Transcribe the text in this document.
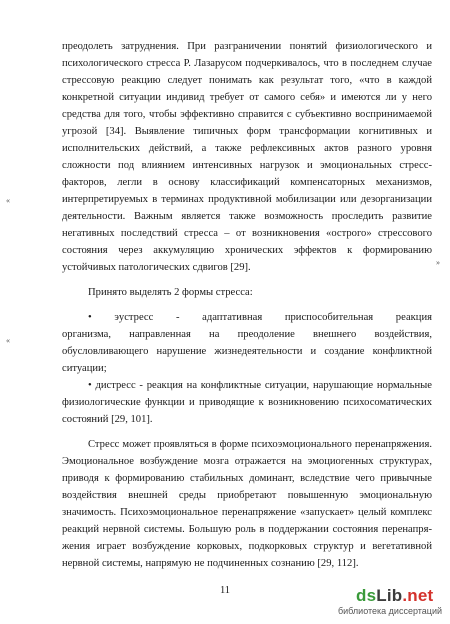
преодолеть затруднения. При разграничении понятий физиологического и
психологического стресса Р. Лазарусом подчеркивалось, что в последнем случае
стрессовую реакцию следует понимать как результат того, «что в каждой
конкретной ситуации индивид требует от самого себя» и имеются ли у него
средства для того, чтобы эффективно справится с субъективно воспринимаемой
угрозой [34]. Выявление типичных форм трансформации когнитивных и
исполнительских действий, а также рефлексивных актов разного уровня
сложности под влиянием интенсивных нагрузок и эмоциональных стресс-
факторов, легли в основу классификаций компенсаторных механизмов,
интерпретируемых в терминах продуктивной мобилизации или дезорганизации
деятельности. Важным является также возможность проследить развитие
негативных последствий стресса – от возникновения «острого» стрессового
состояния через аккумуляцию хронических эффектов к формированию
устойчивых патологических сдвигов [29].
Принято выделять 2 формы стресса:
• эустресс - адаптативная приспособительная реакция
организма, направленная на преодоление внешнего воздействия,
обусловливающего нарушение жизнедеятельности и создание конфликтной
ситуации;
• дистресс - реакция на конфликтные ситуации, нарушающие нормальные
физиологические функции и приводящие к возникновению психосоматических
состояний [29, 101].
Стресс может проявляться в форме психоэмоционального перенапряжения.
Эмоциональное возбуждение мозга отражается на эмоциогенных структурах,
приводя к формированию стабильных доминант, вследствие чего привычные
воздействия внешней среды приобретают повышенную эмоциональную
значимость. Психоэмоциональное перенапряжение «запускает» целый комплекс
реакций нервной системы. Большую роль в поддержании состояния перенапря-
жения играет возбуждение корковых, подкорковых структур и вегетативной
нервной системы, напрямую не подчиненных сознанию [29, 112].
11
«
«
»
dsLib.net
библиотека диссертаций
